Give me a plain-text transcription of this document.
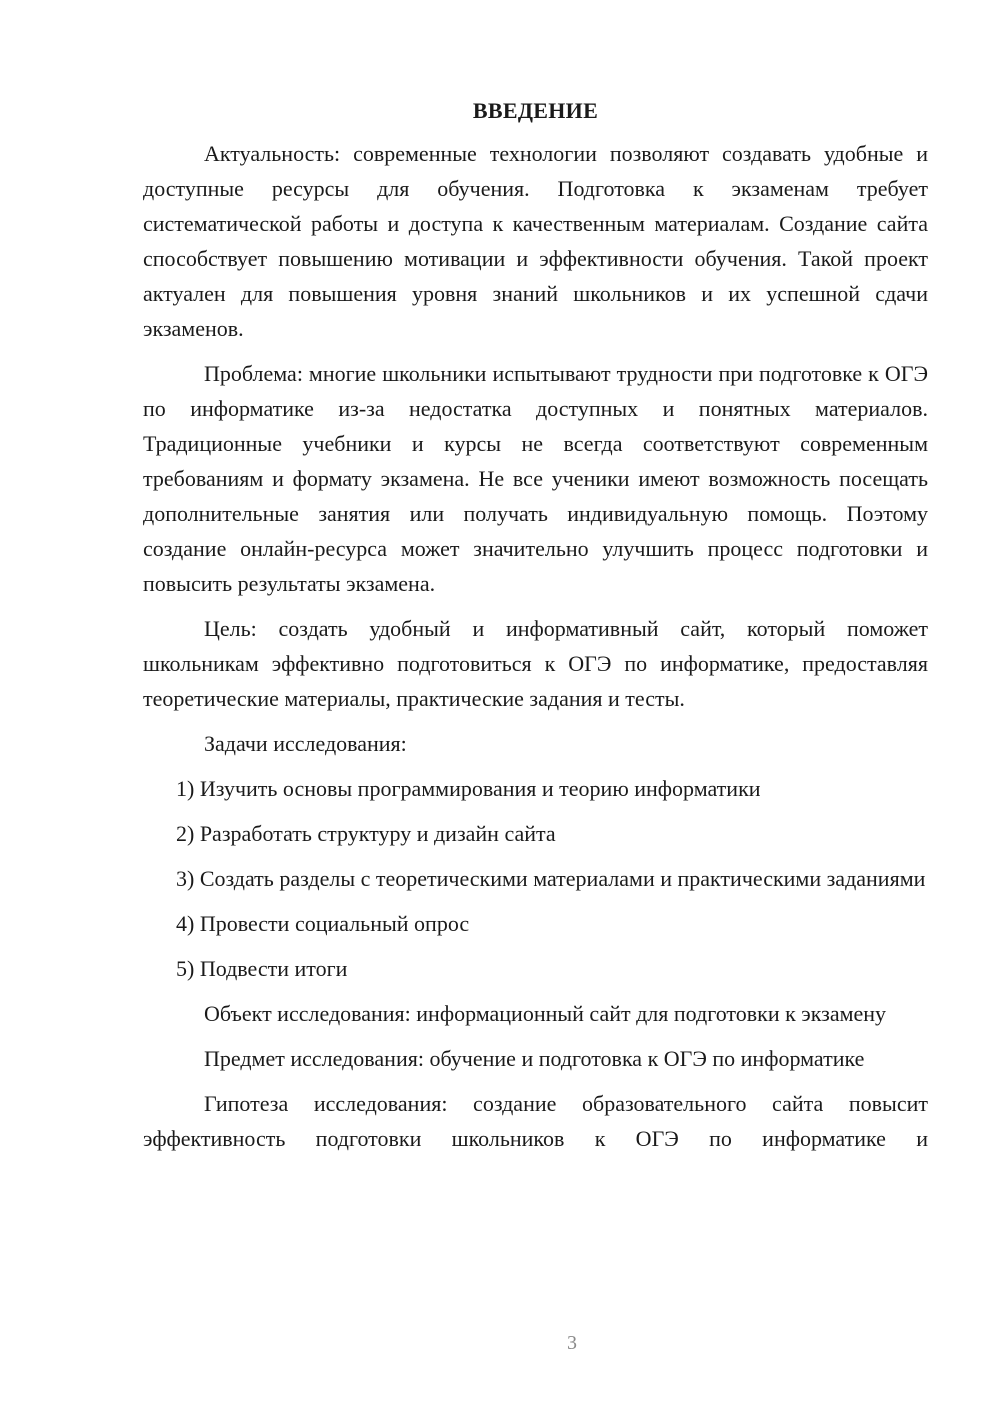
ВВЕДЕНИЕ

Актуальность: современные технологии позволяют создавать удобные и доступные ресурсы для обучения. Подготовка к экзаменам требует систематической работы и доступа к качественным материалам. Создание сайта способствует повышению мотивации и эффективности обучения. Такой проект актуален для повышения уровня знаний школьников и их успешной сдачи экзаменов.

Проблема: многие школьники испытывают трудности при подготовке к ОГЭ по информатике из-за недостатка доступных и понятных материалов. Традиционные учебники и курсы не всегда соответствуют современным требованиям и формату экзамена. Не все ученики имеют возможность посещать дополнительные занятия или получать индивидуальную помощь. Поэтому создание онлайн-ресурса может значительно улучшить процесс подготовки и повысить результаты экзамена.

Цель: создать удобный и информативный сайт, который поможет школьникам эффективно подготовиться к ОГЭ по информатике, предоставляя теоретические материалы, практические задания и тесты.

Задачи исследования:

1) Изучить основы программирования и теорию информатики

2) Разработать структуру и дизайн сайта

3) Создать разделы с теоретическими материалами и практическими заданиями

4) Провести социальный опрос

5) Подвести итоги

Объект исследования: информационный сайт для подготовки к экзамену

Предмет исследования: обучение и подготовка к ОГЭ по информатике

Гипотеза исследования: создание образовательного сайта повысит эффективность подготовки школьников к ОГЭ по информатике и

3
